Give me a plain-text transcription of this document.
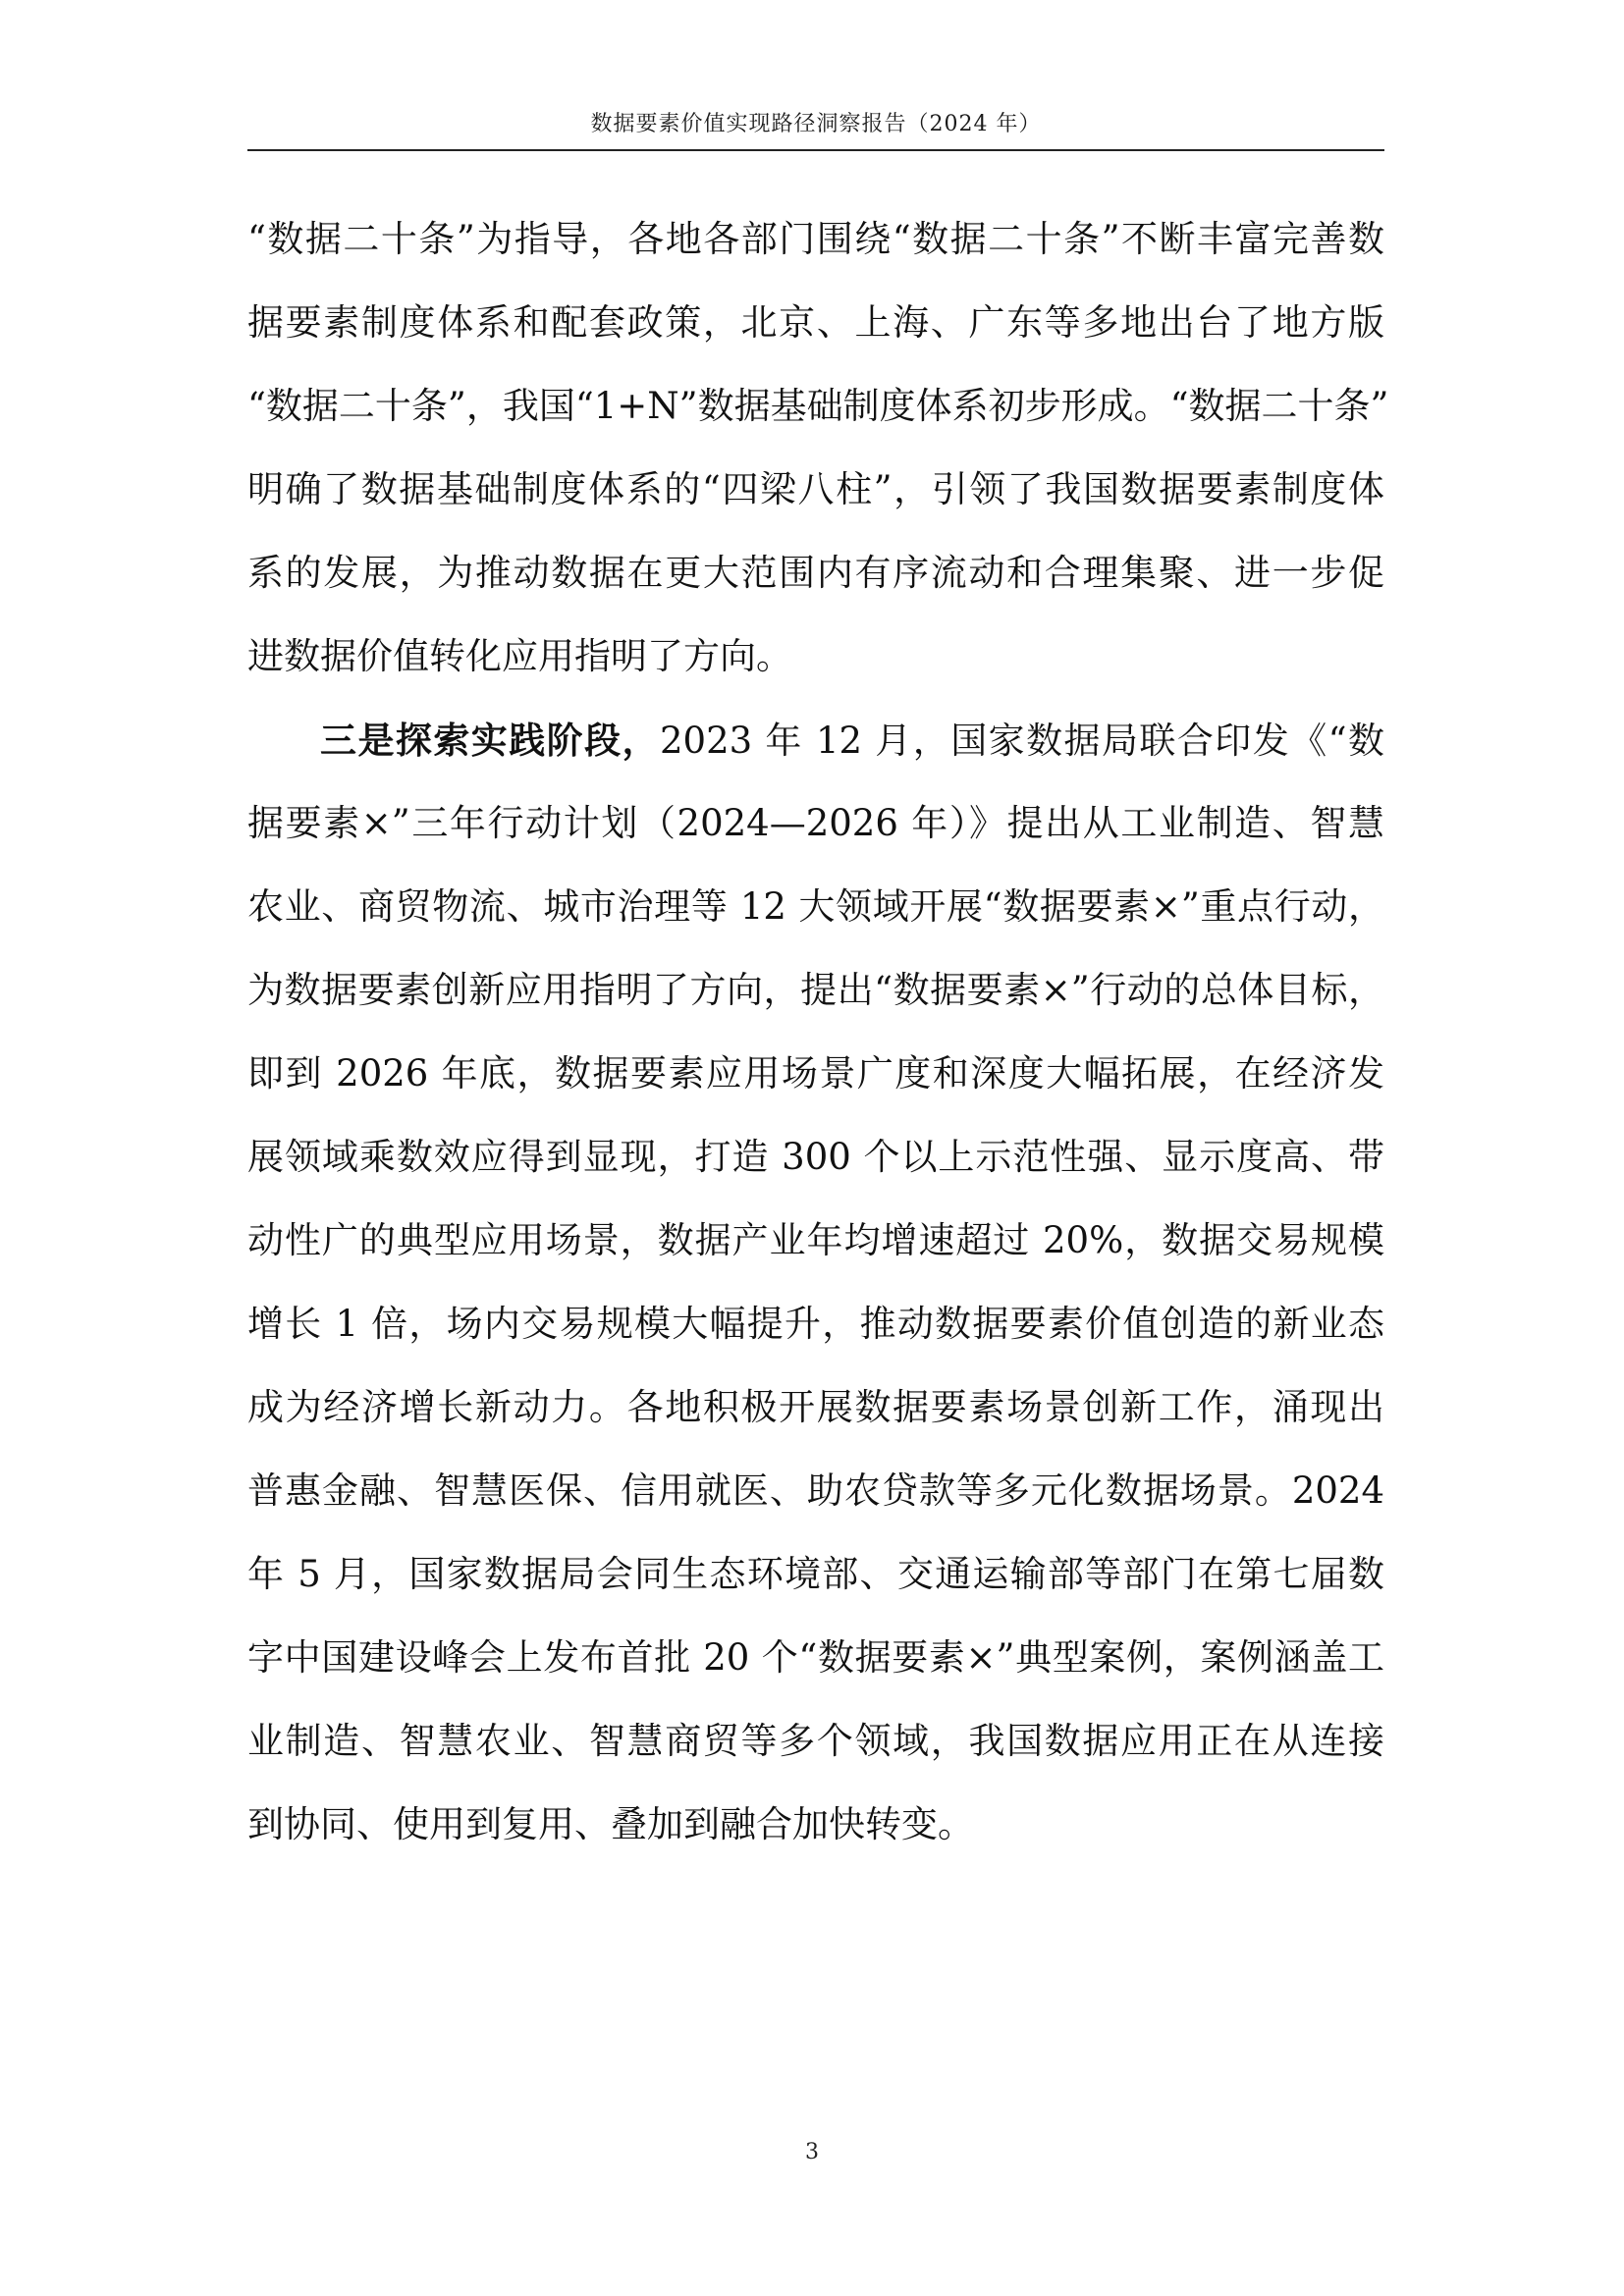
数据要素价值实现路径洞察报告（2024 年）
“数据二十条”为指导，各地各部门围绕“数据二十条”不断丰富完善数
据要素制度体系和配套政策，北京、上海、广东等多地出台了地方版
“数据二十条”，我国“1+N”数据基础制度体系初步形成。“数据二十条”
明确了数据基础制度体系的“四梁八柱”，引领了我国数据要素制度体
系的发展，为推动数据在更大范围内有序流动和合理集聚、进一步促
进数据价值转化应用指明了方向。
三是探索实践阶段，2023 年 12 月，国家数据局联合印发《“数
据要素×”三年行动计划（2024—2026 年）》提出从工业制造、智慧
农业、商贸物流、城市治理等 12 大领域开展“数据要素×”重点行动，
为数据要素创新应用指明了方向，提出“数据要素×”行动的总体目标，
即到 2026 年底，数据要素应用场景广度和深度大幅拓展，在经济发
展领域乘数效应得到显现，打造 300 个以上示范性强、显示度高、带
动性广的典型应用场景，数据产业年均增速超过 20%，数据交易规模
增长 1 倍，场内交易规模大幅提升，推动数据要素价值创造的新业态
成为经济增长新动力。各地积极开展数据要素场景创新工作，涌现出
普惠金融、智慧医保、信用就医、助农贷款等多元化数据场景。2024
年 5 月，国家数据局会同生态环境部、交通运输部等部门在第七届数
字中国建设峰会上发布首批 20 个“数据要素×”典型案例，案例涵盖工
业制造、智慧农业、智慧商贸等多个领域，我国数据应用正在从连接
到协同、使用到复用、叠加到融合加快转变。
3
